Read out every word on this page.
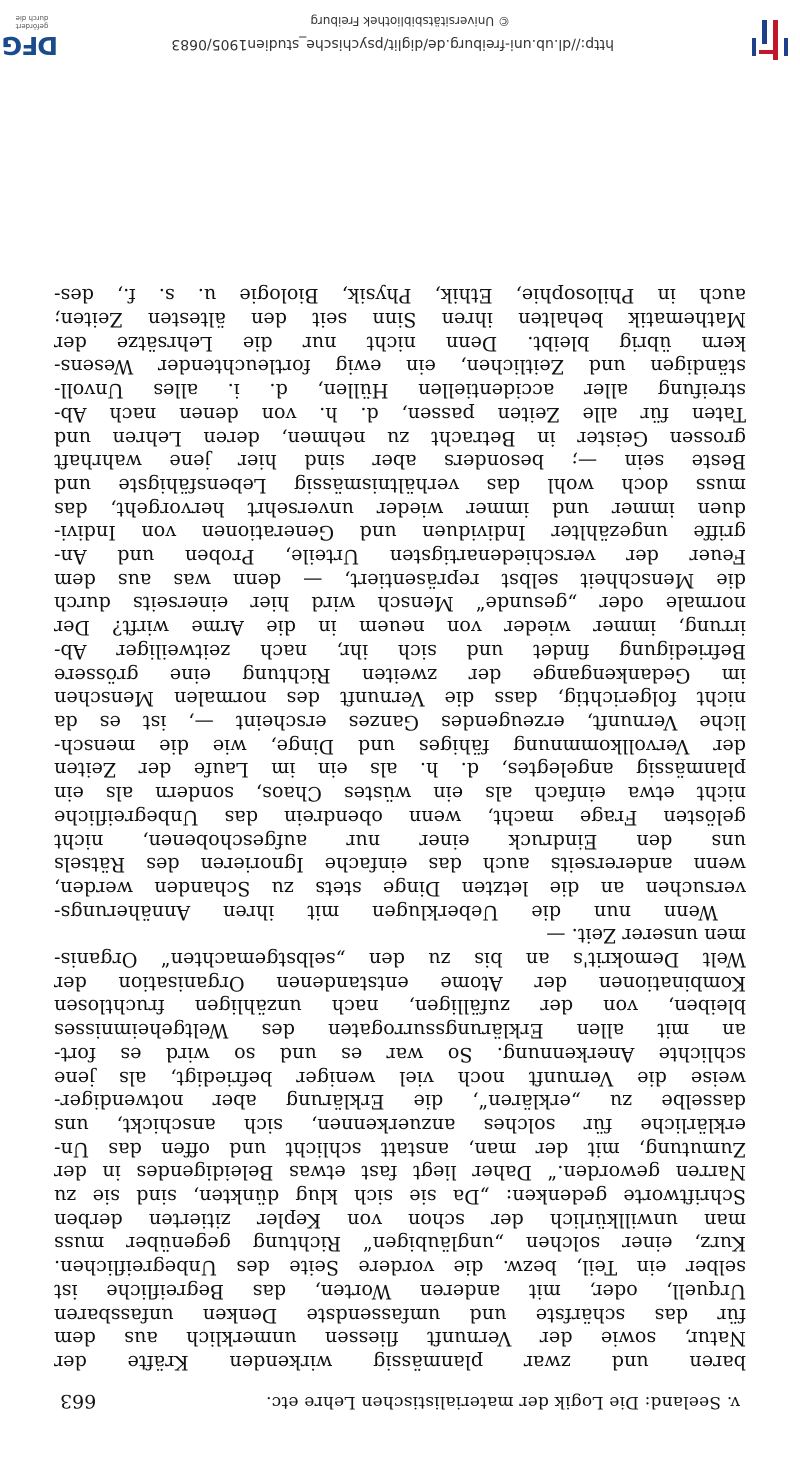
v. Seeland: Die Logik der materialistischen Lehre etc.
663
baren und zwar planmässig wirkenden Kräfte der
Natur, sowie der Vernunft fliessen unmerklich aus dem
für das schärfste und umfassendste Denken unfassbaren
Urquell, oder, mit anderen Worten, das Begreifliche ist
selber ein Teil, bezw. die vordere Seite des Unbegreiflichen.
Kurz, einer solchen „ungläubigen“ Richtung gegenüber muss
man unwillkürlich der schon von Kepler zitierten derben
Schriftworte gedenken: „Da sie sich klug dünkten, sind sie zu
Narren geworden.“ Daher liegt fast etwas Beleidigendes in der
Zumutung, mit der man, anstatt schlicht und offen das Un-
erklärliche für solches anzuerkennen, sich anschickt, uns
dasselbe zu „erklären“, die Erklärung aber notwendiger-
weise die Vernunft noch viel weniger befriedigt, als jene
schlichte Anerkennung. So war es und so wird es fort-
an mit allen Erklärungssurrogaten des Weltgeheimnisses
bleiben, von der zufälligen, nach unzähligen fruchtlosen
Kombinationen der Atome entstandenen Organisation der
Welt Demokrit's an bis zu den „selbstgemachten“ Organis-
men unserer Zeit. —
Wenn nun die Ueberklugen mit ihren Annäherungs-
versuchen an die letzten Dinge stets zu Schanden werden,
wenn andererseits auch das einfache Ignorieren des Rätsels
uns den Eindruck einer nur aufgeschobenen, nicht
gelösten Frage macht, wenn obendrein das Unbegreifliche
nicht etwa einfach als ein wüstes Chaos, sondern als ein
planmässig angelegtes, d. h. als ein im Laufe der Zeiten
der Vervollkommnung fähiges und Dinge, wie die mensch-
liche Vernunft, erzeugendes Ganzes erscheint —, ist es da
nicht folgerichtig, dass die Vernunft des normalen Menschen
im Gedankengange der zweiten Richtung eine grössere
Befriedigung findet und sich ihr, nach zeitweiliger Ab-
irrung, immer wieder von neuem in die Arme wirft? Der
normale oder „gesunde“ Mensch wird hier einerseits durch
die Menschheit selbst repräsentiert, — denn was aus dem
Feuer der verschiedenartigsten Urteile, Proben und An-
griffe ungezählter Individuen und Generationen von Indivi-
duen immer und immer wieder unversehrt hervorgeht, das
muss doch wohl das verhältnismässig Lebensfähigste und
Beste sein —; besonders aber sind hier jene wahrhaft
grossen Geister in Betracht zu nehmen, deren Lehren und
Taten für alle Zeiten passen, d. h. von denen nach Ab-
streifung aller accidentiellen Hüllen, d. i. alles Unvoll-
ständigen und Zeitlichen, ein ewig fortleuchtender Wesens-
kern übrig bleibt. Denn nicht nur die Lehrsätze der
Mathematik behalten ihren Sinn seit den ältesten Zeiten;
auch in Philosophie, Ethik, Physik, Biologie u. s. f., des-
http://dl.ub.uni-freiburg.de/diglit/psychische_studien1905/0683
© Universitätsbibliothek Freiburg
DFG
gefördert durch die
